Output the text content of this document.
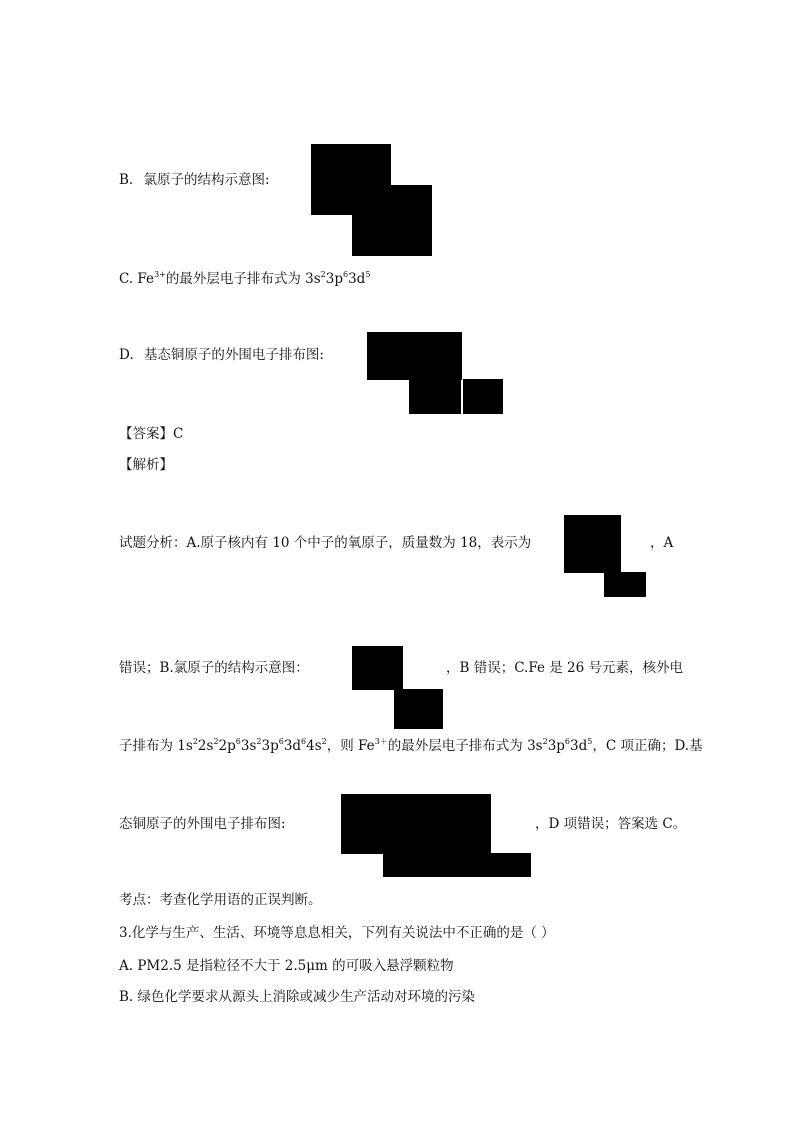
B. 氯原子的结构示意图:
C. $Fe^{3+}$的最外层电子排布式为 $3s^23p^63d^5$
D. 基态铜原子的外围电子排布图:
【答案】C
【解析】
试题分析：A.原子核内有 10 个中子的氧原子，质量数为 18，表示为	，A
错误；B.氯原子的结构示意图：	，B 错误；C.Fe 是 26 号元素，核外电
子排布为 $1s^22s^22p^63s^23p^63d^64s^2$，则 $Fe^{3+}$的最外层电子排布式为 $3s^23p^63d^5$，C 项正确；D.基
态铜原子的外围电子排布图:	，D 项错误；答案选 C。
考点：考查化学用语的正误判断。
3.化学与生产、生活、环境等息息相关，下列有关说法中不正确的是（ ）
A. PM2.5 是指粒径不大于 2.5μm 的可吸入悬浮颗粒物
B. 绿色化学要求从源头上消除或减少生产活动对环境的污染
